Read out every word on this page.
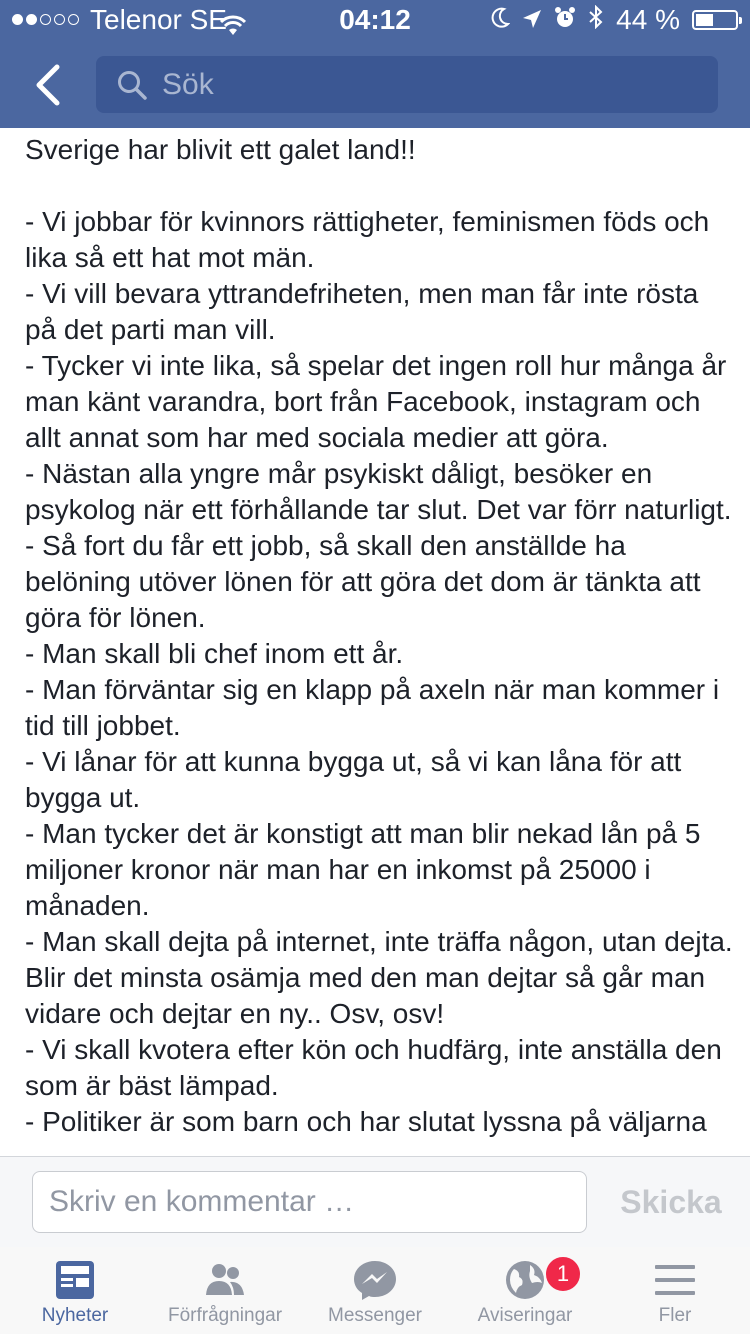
Telenor SE	04:12	44 %
Sök

Sverige har blivit ett galet land!!

- Vi jobbar för kvinnors rättigheter, feminismen föds och lika så ett hat mot män.
- Vi vill bevara yttrandefriheten, men man får inte rösta på det parti man vill.
- Tycker vi inte lika, så spelar det ingen roll hur många år man känt varandra, bort från Facebook, instagram och allt annat som har med sociala medier att göra.
- Nästan alla yngre mår psykiskt dåligt, besöker en psykolog när ett förhållande tar slut. Det var förr naturligt.
- Så fort du får ett jobb, så skall den anställde ha belöning utöver lönen för att göra det dom är tänkta att göra för lönen.
- Man skall bli chef inom ett år.
- Man förväntar sig en klapp på axeln när man kommer i tid till jobbet.
- Vi lånar för att kunna bygga ut, så vi kan låna för att bygga ut.
- Man tycker det är konstigt att man blir nekad lån på 5 miljoner kronor när man har en inkomst på 25000 i månaden.
- Man skall dejta på internet, inte träffa någon, utan dejta. Blir det minsta osämja med den man dejtar så går man vidare och dejtar en ny.. Osv, osv!
- Vi skall kvotera efter kön och hudfärg, inte anställa den som är bäst lämpad.
- Politiker är som barn och har slutat lyssna på väljarna

Skriv en kommentar …	Skicka
Nyheter	Förfrågningar	Messenger
1
Aviseringar	Fler
